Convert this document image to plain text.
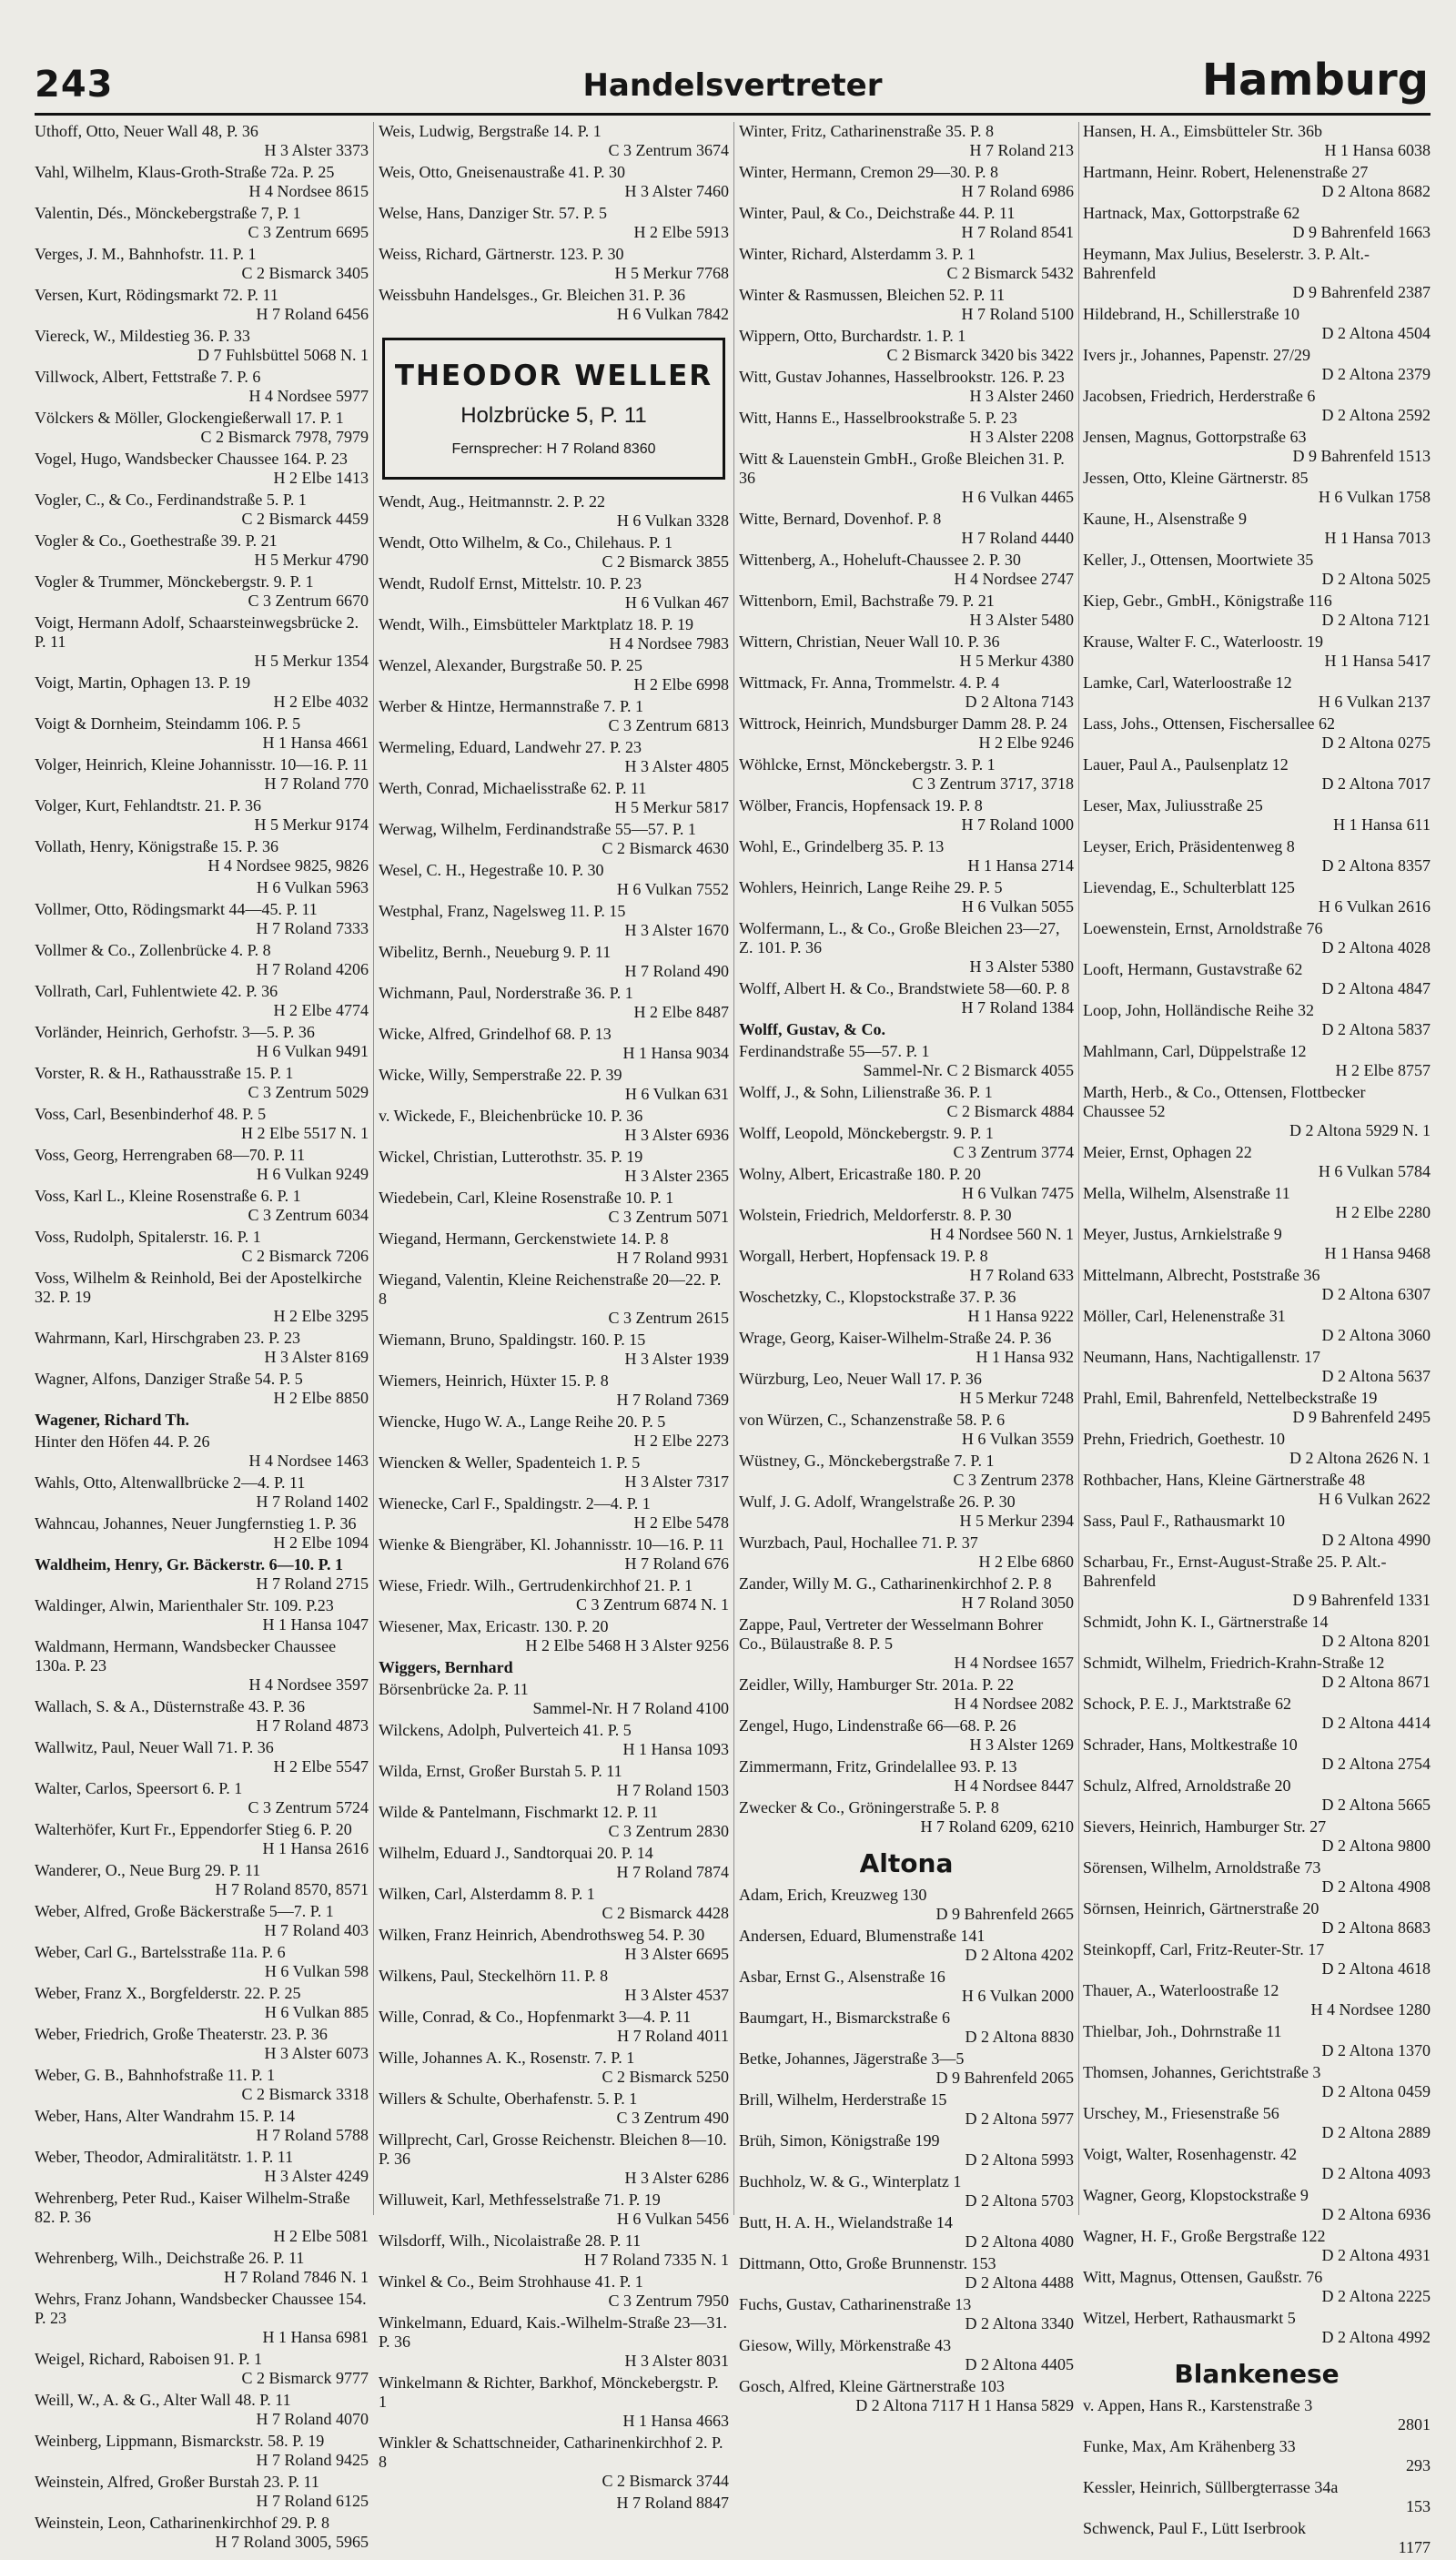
243	Handelsvertreter	Hamburg
Uthoff, Otto, Neuer Wall 48, P. 36
H 3 Alster 3373
Vahl, Wilhelm, Klaus-Groth-Straße 72a. P. 25
H 4 Nordsee 8615
Valentin, Dés., Mönckebergstraße 7, P. 1
C 3 Zentrum 6695
Verges, J. M., Bahnhofstr. 11. P. 1
C 2 Bismarck 3405
Versen, Kurt, Rödingsmarkt 72. P. 11
H 7 Roland 6456
Viereck, W., Mildestieg 36. P. 33
D 7 Fuhlsbüttel 5068 N. 1
Villwock, Albert, Fettstraße 7. P. 6
H 4 Nordsee 5977
Völckers & Möller, Glockengießerwall 17. P. 1
C 2 Bismarck 7978, 7979
Vogel, Hugo, Wandsbecker Chaussee 164. P. 23
H 2 Elbe 1413
Vogler, C., & Co., Ferdinandstraße 5. P. 1
C 2 Bismarck 4459
Vogler & Co., Goethestraße 39. P. 21
H 5 Merkur 4790
Vogler & Trummer, Mönckebergstr. 9. P. 1
C 3 Zentrum 6670
Voigt, Hermann Adolf, Schaarsteinwegsbrücke 2. P. 11
H 5 Merkur 1354
Voigt, Martin, Ophagen 13. P. 19
H 2 Elbe 4032
Voigt & Dornheim, Steindamm 106. P. 5
H 1 Hansa 4661
Volger, Heinrich, Kleine Johannisstr. 10—16. P. 11
H 7 Roland 770
Volger, Kurt, Fehlandtstr. 21. P. 36
H 5 Merkur 9174
Vollath, Henry, Königstraße 15. P. 36
H 4 Nordsee 9825, 9826
H 6 Vulkan 5963
Vollmer, Otto, Rödingsmarkt 44—45. P. 11
H 7 Roland 7333
Vollmer & Co., Zollenbrücke 4. P. 8
H 7 Roland 4206
Vollrath, Carl, Fuhlentwiete 42. P. 36
H 2 Elbe 4774
Vorländer, Heinrich, Gerhofstr. 3—5. P. 36
H 6 Vulkan 9491
Vorster, R. & H., Rathausstraße 15. P. 1
C 3 Zentrum 5029
Voss, Carl, Besenbinderhof 48. P. 5
H 2 Elbe 5517 N. 1
Voss, Georg, Herrengraben 68—70. P. 11
H 6 Vulkan 9249
Voss, Karl L., Kleine Rosenstraße 6. P. 1
C 3 Zentrum 6034
Voss, Rudolph, Spitalerstr. 16. P. 1
C 2 Bismarck 7206
Voss, Wilhelm & Reinhold, Bei der Apostelkirche 32. P. 19
H 2 Elbe 3295
Wahrmann, Karl, Hirschgraben 23. P. 23
H 3 Alster 8169
Wagner, Alfons, Danziger Straße 54. P. 5
H 2 Elbe 8850
Wagener, Richard Th.
Hinter den Höfen 44. P. 26
H 4 Nordsee 1463
Wahls, Otto, Altenwallbrücke 2—4. P. 11
H 7 Roland 1402
Wahncau, Johannes, Neuer Jungfernstieg 1. P. 36
H 2 Elbe 1094
Waldheim, Henry, Gr. Bäckerstr. 6—10. P. 1
H 7 Roland 2715
Waldinger, Alwin, Marienthaler Str. 109. P.23
H 1 Hansa 1047
Waldmann, Hermann, Wandsbecker Chaussee 130a. P. 23
H 4 Nordsee 3597
Wallach, S. & A., Düsternstraße 43. P. 36
H 7 Roland 4873
Wallwitz, Paul, Neuer Wall 71. P. 36
H 2 Elbe 5547
Walter, Carlos, Speersort 6. P. 1
C 3 Zentrum 5724
Walterhöfer, Kurt Fr., Eppendorfer Stieg 6. P. 20
H 1 Hansa 2616
Wanderer, O., Neue Burg 29. P. 11
H 7 Roland 8570, 8571
Weber, Alfred, Große Bäckerstraße 5—7. P. 1
H 7 Roland 403
Weber, Carl G., Bartelsstraße 11a. P. 6
H 6 Vulkan 598
Weber, Franz X., Borgfelderstr. 22. P. 25
H 6 Vulkan 885
Weber, Friedrich, Große Theaterstr. 23. P. 36
H 3 Alster 6073
Weber, G. B., Bahnhofstraße 11. P. 1
C 2 Bismarck 3318
Weber, Hans, Alter Wandrahm 15. P. 14
H 7 Roland 5788
Weber, Theodor, Admiralitätstr. 1. P. 11
H 3 Alster 4249
Wehrenberg, Peter Rud., Kaiser Wilhelm-Straße 82. P. 36
H 2 Elbe 5081
Wehrenberg, Wilh., Deichstraße 26. P. 11
H 7 Roland 7846 N. 1
Wehrs, Franz Johann, Wandsbecker Chaussee 154. P. 23
H 1 Hansa 6981
Weigel, Richard, Raboisen 91. P. 1
C 2 Bismarck 9777
Weill, W., A. & G., Alter Wall 48. P. 11
H 7 Roland 4070
Weinberg, Lippmann, Bismarckstr. 58. P. 19
H 7 Roland 9425
Weinstein, Alfred, Großer Burstah 23. P. 11
H 7 Roland 6125
Weinstein, Leon, Catharinenkirchhof 29. P. 8
H 7 Roland 3005, 5965
Weis, Ludwig, Bergstraße 14. P. 1
C 3 Zentrum 3674
Weis, Otto, Gneisenaustraße 41. P. 30
H 3 Alster 7460
Welse, Hans, Danziger Str. 57. P. 5
H 2 Elbe 5913
Weiss, Richard, Gärtnerstr. 123. P. 30
H 5 Merkur 7768
Weissbuhn Handelsges., Gr. Bleichen 31. P. 36
H 6 Vulkan 7842
THEODOR WELLER
Holzbrücke 5, P. 11
Fernsprecher: H 7 Roland 8360
Wendt, Aug., Heitmannstr. 2. P. 22
H 6 Vulkan 3328
Wendt, Otto Wilhelm, & Co., Chilehaus. P. 1
C 2 Bismarck 3855
Wendt, Rudolf Ernst, Mittelstr. 10. P. 23
H 6 Vulkan 467
Wendt, Wilh., Eimsbütteler Marktplatz 18. P. 19
H 4 Nordsee 7983
Wenzel, Alexander, Burgstraße 50. P. 25
H 2 Elbe 6998
Werber & Hintze, Hermannstraße 7. P. 1
C 3 Zentrum 6813
Wermeling, Eduard, Landwehr 27. P. 23
H 3 Alster 4805
Werth, Conrad, Michaelisstraße 62. P. 11
H 5 Merkur 5817
Werwag, Wilhelm, Ferdinandstraße 55—57. P. 1
C 2 Bismarck 4630
Wesel, C. H., Hegestraße 10. P. 30
H 6 Vulkan 7552
Westphal, Franz, Nagelsweg 11. P. 15
H 3 Alster 1670
Wibelitz, Bernh., Neueburg 9. P. 11
H 7 Roland 490
Wichmann, Paul, Norderstraße 36. P. 1
H 2 Elbe 8487
Wicke, Alfred, Grindelhof 68. P. 13
H 1 Hansa 9034
Wicke, Willy, Semperstraße 22. P. 39
H 6 Vulkan 631
v. Wickede, F., Bleichenbrücke 10. P. 36
H 3 Alster 6936
Wickel, Christian, Lutterothstr. 35. P. 19
H 3 Alster 2365
Wiedebein, Carl, Kleine Rosenstraße 10. P. 1
C 3 Zentrum 5071
Wiegand, Hermann, Gerckenstwiete 14. P. 8
H 7 Roland 9931
Wiegand, Valentin, Kleine Reichenstraße 20—22. P. 8
C 3 Zentrum 2615
Wiemann, Bruno, Spaldingstr. 160. P. 15
H 3 Alster 1939
Wiemers, Heinrich, Hüxter 15. P. 8
H 7 Roland 7369
Wiencke, Hugo W. A., Lange Reihe 20. P. 5
H 2 Elbe 2273
Wiencken & Weller, Spadenteich 1. P. 5
H 3 Alster 7317
Wienecke, Carl F., Spaldingstr. 2—4. P. 1
H 2 Elbe 5478
Wienke & Biengräber, Kl. Johannisstr. 10—16. P. 11
H 7 Roland 676
Wiese, Friedr. Wilh., Gertrudenkirchhof 21. P. 1
C 3 Zentrum 6874 N. 1
Wiesener, Max, Ericastr. 130. P. 20
H 2 Elbe 5468 H 3 Alster 9256
Wiggers, Bernhard
Börsenbrücke 2a. P. 11
Sammel-Nr. H 7 Roland 4100
Wilckens, Adolph, Pulverteich 41. P. 5
H 1 Hansa 1093
Wilda, Ernst, Großer Burstah 5. P. 11
H 7 Roland 1503
Wilde & Pantelmann, Fischmarkt 12. P. 11
C 3 Zentrum 2830
Wilhelm, Eduard J., Sandtorquai 20. P. 14
H 7 Roland 7874
Wilken, Carl, Alsterdamm 8. P. 1
C 2 Bismarck 4428
Wilken, Franz Heinrich, Abendrothsweg 54. P. 30
H 3 Alster 6695
Wilkens, Paul, Steckelhörn 11. P. 8
H 3 Alster 4537
Wille, Conrad, & Co., Hopfenmarkt 3—4. P. 11
H 7 Roland 4011
Wille, Johannes A. K., Rosenstr. 7. P. 1
C 2 Bismarck 5250
Willers & Schulte, Oberhafenstr. 5. P. 1
C 3 Zentrum 490
Willprecht, Carl, Grosse Reichenstr. Bleichen 8—10. P. 36
H 3 Alster 6286
Willuweit, Karl, Methfesselstraße 71. P. 19
H 6 Vulkan 5456
Wilsdorff, Wilh., Nicolaistraße 28. P. 11
H 7 Roland 7335 N. 1
Winkel & Co., Beim Strohhause 41. P. 1
C 3 Zentrum 7950
Winkelmann, Eduard, Kais.-Wilhelm-Straße 23—31. P. 36
H 3 Alster 8031
Winkelmann & Richter, Barkhof, Mönckebergstr. P. 1
H 1 Hansa 4663
Winkler & Schattschneider, Catharinenkirchhof 2. P. 8
C 2 Bismarck 3744
H 7 Roland 8847
Winter, Fritz, Catharinenstraße 35. P. 8
H 7 Roland 213
Winter, Hermann, Cremon 29—30. P. 8
H 7 Roland 6986
Winter, Paul, & Co., Deichstraße 44. P. 11
H 7 Roland 8541
Winter, Richard, Alsterdamm 3. P. 1
C 2 Bismarck 5432
Winter & Rasmussen, Bleichen 52. P. 11
H 7 Roland 5100
Wippern, Otto, Burchardstr. 1. P. 1
C 2 Bismarck 3420 bis 3422
Witt, Gustav Johannes, Hasselbrookstr. 126. P. 23
H 3 Alster 2460
Witt, Hanns E., Hasselbrookstraße 5. P. 23
H 3 Alster 2208
Witt & Lauenstein GmbH., Große Bleichen 31. P. 36
H 6 Vulkan 4465
Witte, Bernard, Dovenhof. P. 8
H 7 Roland 4440
Wittenberg, A., Hoheluft-Chaussee 2. P. 30
H 4 Nordsee 2747
Wittenborn, Emil, Bachstraße 79. P. 21
H 3 Alster 5480
Wittern, Christian, Neuer Wall 10. P. 36
H 5 Merkur 4380
Wittmack, Fr. Anna, Trommelstr. 4. P. 4
D 2 Altona 7143
Wittrock, Heinrich, Mundsburger Damm 28. P. 24
H 2 Elbe 9246
Wöhlcke, Ernst, Mönckebergstr. 3. P. 1
C 3 Zentrum 3717, 3718
Wölber, Francis, Hopfensack 19. P. 8
H 7 Roland 1000
Wohl, E., Grindelberg 35. P. 13
H 1 Hansa 2714
Wohlers, Heinrich, Lange Reihe 29. P. 5
H 6 Vulkan 5055
Wolfermann, L., & Co., Große Bleichen 23—27, Z. 101. P. 36
H 3 Alster 5380
Wolff, Albert H. & Co., Brandstwiete 58—60. P. 8
H 7 Roland 1384
Wolff, Gustav, & Co.
Ferdinandstraße 55—57. P. 1
Sammel-Nr. C 2 Bismarck 4055
Wolff, J., & Sohn, Lilienstraße 36. P. 1
C 2 Bismarck 4884
Wolff, Leopold, Mönckebergstr. 9. P. 1
C 3 Zentrum 3774
Wolny, Albert, Ericastraße 180. P. 20
H 6 Vulkan 7475
Wolstein, Friedrich, Meldorferstr. 8. P. 30
H 4 Nordsee 560 N. 1
Worgall, Herbert, Hopfensack 19. P. 8
H 7 Roland 633
Woschetzky, C., Klopstockstraße 37. P. 36
H 1 Hansa 9222
Wrage, Georg, Kaiser-Wilhelm-Straße 24. P. 36
H 1 Hansa 932
Würzburg, Leo, Neuer Wall 17. P. 36
H 5 Merkur 7248
von Würzen, C., Schanzenstraße 58. P. 6
H 6 Vulkan 3559
Wüstney, G., Mönckebergstraße 7. P. 1
C 3 Zentrum 2378
Wulf, J. G. Adolf, Wrangelstraße 26. P. 30
H 5 Merkur 2394
Wurzbach, Paul, Hochallee 71. P. 37
H 2 Elbe 6860
Zander, Willy M. G., Catharinenkirchhof 2. P. 8
H 7 Roland 3050
Zappe, Paul, Vertreter der Wesselmann Bohrer Co., Bülaustraße 8. P. 5
H 4 Nordsee 1657
Zeidler, Willy, Hamburger Str. 201a. P. 22
H 4 Nordsee 2082
Zengel, Hugo, Lindenstraße 66—68. P. 26
H 3 Alster 1269
Zimmermann, Fritz, Grindelallee 93. P. 13
H 4 Nordsee 8447
Zwecker & Co., Gröningerstraße 5. P. 8
H 7 Roland 6209, 6210
Altona
Adam, Erich, Kreuzweg 130
D 9 Bahrenfeld 2665
Andersen, Eduard, Blumenstraße 141
D 2 Altona 4202
Asbar, Ernst G., Alsenstraße 16
H 6 Vulkan 2000
Baumgart, H., Bismarckstraße 6
D 2 Altona 8830
Betke, Johannes, Jägerstraße 3—5
D 9 Bahrenfeld 2065
Brill, Wilhelm, Herderstraße 15
D 2 Altona 5977
Brüh, Simon, Königstraße 199
D 2 Altona 5993
Buchholz, W. & G., Winterplatz 1
D 2 Altona 5703
Butt, H. A. H., Wielandstraße 14
D 2 Altona 4080
Dittmann, Otto, Große Brunnenstr. 153
D 2 Altona 4488
Fuchs, Gustav, Catharinenstraße 13
D 2 Altona 3340
Giesow, Willy, Mörkenstraße 43
D 2 Altona 4405
Gosch, Alfred, Kleine Gärtnerstraße 103
D 2 Altona 7117 H 1 Hansa 5829
Hansen, H. A., Eimsbütteler Str. 36b
H 1 Hansa 6038
Hartmann, Heinr. Robert, Helenenstraße 27
D 2 Altona 8682
Hartnack, Max, Gottorpstraße 62
D 9 Bahrenfeld 1663
Heymann, Max Julius, Beselerstr. 3. P. Alt.-Bahrenfeld
D 9 Bahrenfeld 2387
Hildebrand, H., Schillerstraße 10
D 2 Altona 4504
Ivers jr., Johannes, Papenstr. 27/29
D 2 Altona 2379
Jacobsen, Friedrich, Herderstraße 6
D 2 Altona 2592
Jensen, Magnus, Gottorpstraße 63
D 9 Bahrenfeld 1513
Jessen, Otto, Kleine Gärtnerstr. 85
H 6 Vulkan 1758
Kaune, H., Alsenstraße 9
H 1 Hansa 7013
Keller, J., Ottensen, Moortwiete 35
D 2 Altona 5025
Kiep, Gebr., GmbH., Königstraße 116
D 2 Altona 7121
Krause, Walter F. C., Waterloostr. 19
H 1 Hansa 5417
Lamke, Carl, Waterloostraße 12
H 6 Vulkan 2137
Lass, Johs., Ottensen, Fischersallee 62
D 2 Altona 0275
Lauer, Paul A., Paulsenplatz 12
D 2 Altona 7017
Leser, Max, Juliusstraße 25
H 1 Hansa 611
Leyser, Erich, Präsidentenweg 8
D 2 Altona 8357
Lievendag, E., Schulterblatt 125
H 6 Vulkan 2616
Loewenstein, Ernst, Arnoldstraße 76
D 2 Altona 4028
Looft, Hermann, Gustavstraße 62
D 2 Altona 4847
Loop, John, Holländische Reihe 32
D 2 Altona 5837
Mahlmann, Carl, Düppelstraße 12
H 2 Elbe 8757
Marth, Herb., & Co., Ottensen, Flottbecker Chaussee 52
D 2 Altona 5929 N. 1
Meier, Ernst, Ophagen 22
H 6 Vulkan 5784
Mella, Wilhelm, Alsenstraße 11
H 2 Elbe 2280
Meyer, Justus, Arnkielstraße 9
H 1 Hansa 9468
Mittelmann, Albrecht, Poststraße 36
D 2 Altona 6307
Möller, Carl, Helenenstraße 31
D 2 Altona 3060
Neumann, Hans, Nachtigallenstr. 17
D 2 Altona 5637
Prahl, Emil, Bahrenfeld, Nettelbeckstraße 19
D 9 Bahrenfeld 2495
Prehn, Friedrich, Goethestr. 10
D 2 Altona 2626 N. 1
Rothbacher, Hans, Kleine Gärtnerstraße 48
H 6 Vulkan 2622
Sass, Paul F., Rathausmarkt 10
D 2 Altona 4990
Scharbau, Fr., Ernst-August-Straße 25. P. Alt.-Bahrenfeld
D 9 Bahrenfeld 1331
Schmidt, John K. I., Gärtnerstraße 14
D 2 Altona 8201
Schmidt, Wilhelm, Friedrich-Krahn-Straße 12
D 2 Altona 8671
Schock, P. E. J., Marktstraße 62
D 2 Altona 4414
Schrader, Hans, Moltkestraße 10
D 2 Altona 2754
Schulz, Alfred, Arnoldstraße 20
D 2 Altona 5665
Sievers, Heinrich, Hamburger Str. 27
D 2 Altona 9800
Sörensen, Wilhelm, Arnoldstraße 73
D 2 Altona 4908
Sörnsen, Heinrich, Gärtnerstraße 20
D 2 Altona 8683
Steinkopff, Carl, Fritz-Reuter-Str. 17
D 2 Altona 4618
Thauer, A., Waterloostraße 12
H 4 Nordsee 1280
Thielbar, Joh., Dohrnstraße 11
D 2 Altona 1370
Thomsen, Johannes, Gerichtstraße 3
D 2 Altona 0459
Urschey, M., Friesenstraße 56
D 2 Altona 2889
Voigt, Walter, Rosenhagenstr. 42
D 2 Altona 4093
Wagner, Georg, Klopstockstraße 9
D 2 Altona 6936
Wagner, H. F., Große Bergstraße 122
D 2 Altona 4931
Witt, Magnus, Ottensen, Gaußstr. 76
D 2 Altona 2225
Witzel, Herbert, Rathausmarkt 5
D 2 Altona 4992
Blankenese
v. Appen, Hans R., Karstenstraße 3
2801
Funke, Max, Am Krähenberg 33
293
Kessler, Heinrich, Süllbergterrasse 34a
153
Schwenck, Paul F., Lütt Iserbrook
1177
